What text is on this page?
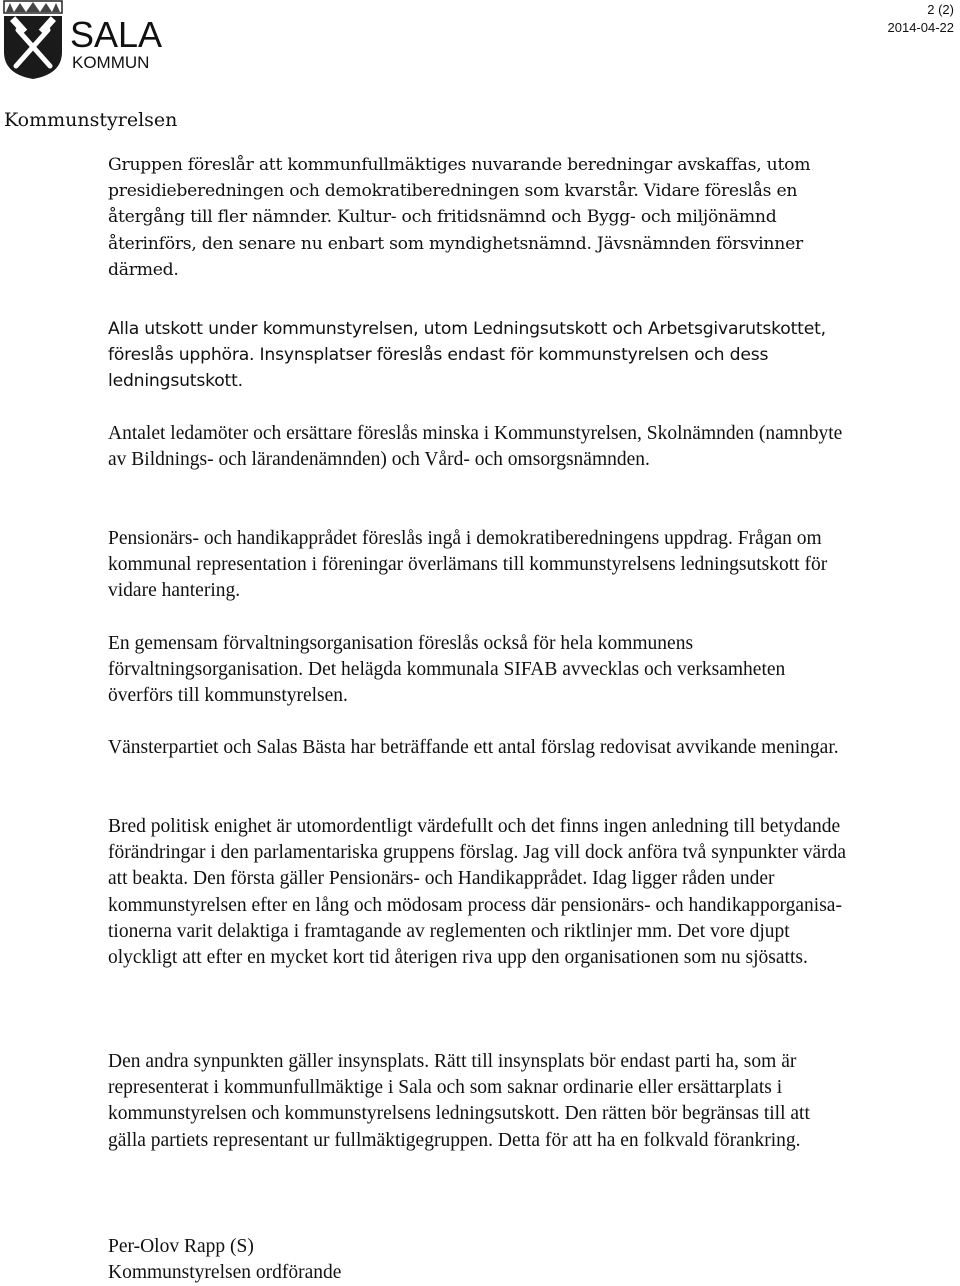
SALA
KOMMUN
2 (2)
2014-04-22
Kommunstyrelsen

Gruppen föreslår att kommunfullmäktiges nuvarande beredningar avskaffas, utom presidieberedningen och demokratiberedningen som kvarstår. Vidare föreslås en återgång till fler nämnder. Kultur- och fritidsnämnd och Bygg- och miljönämnd återinförs, den senare nu enbart som myndighetsnämnd. Jävsnämnden försvinner därmed.

Alla utskott under kommunstyrelsen, utom Ledningsutskott och Arbetsgivarutskottet, föreslås upphöra. Insynsplatser föreslås endast för kommunstyrelsen och dess ledningsutskott.

Antalet ledamöter och ersättare föreslås minska i Kommunstyrelsen, Skolnämnden (namnbyte av Bildnings- och lärandenämnden) och Vård- och omsorgsnämnden.

Pensionärs- och handikapprådet föreslås ingå i demokratiberedningens uppdrag. Frågan om kommunal representation i föreningar överlämans till kommunstyrelsens ledningsutskott för vidare hantering.

En gemensam förvaltningsorganisation föreslås också för hela kommunens förvaltningsorganisation. Det helägda kommunala SIFAB avvecklas och verksamheten överförs till kommunstyrelsen.

Vänsterpartiet och Salas Bästa har beträffande ett antal förslag redovisat avvikande meningar.

Bred politisk enighet är utomordentligt värdefullt och det finns ingen anledning till betydande förändringar i den parlamentariska gruppens förslag. Jag vill dock anföra två synpunkter värda att beakta. Den första gäller Pensionärs- och Handikapprådet. Idag ligger råden under kommunstyrelsen efter en lång och mödosam process där pensionärs- och handikapporganisa-tionerna varit delaktiga i framtagande av reglementen och riktlinjer mm. Det vore djupt olyckligt att efter en mycket kort tid återigen riva upp den organisationen som nu sjösatts.

Den andra synpunkten gäller insynsplats. Rätt till insynsplats bör endast parti ha, som är representerat i kommunfullmäktige i Sala och som saknar ordinarie eller ersättarplats i kommunstyrelsen och kommunstyrelsens ledningsutskott. Den rätten bör begränsas till att gälla partiets representant ur fullmäktigegruppen. Detta för att ha en folkvald förankring.

Per-Olov Rapp (S)
Kommunstyrelsen ordförande
